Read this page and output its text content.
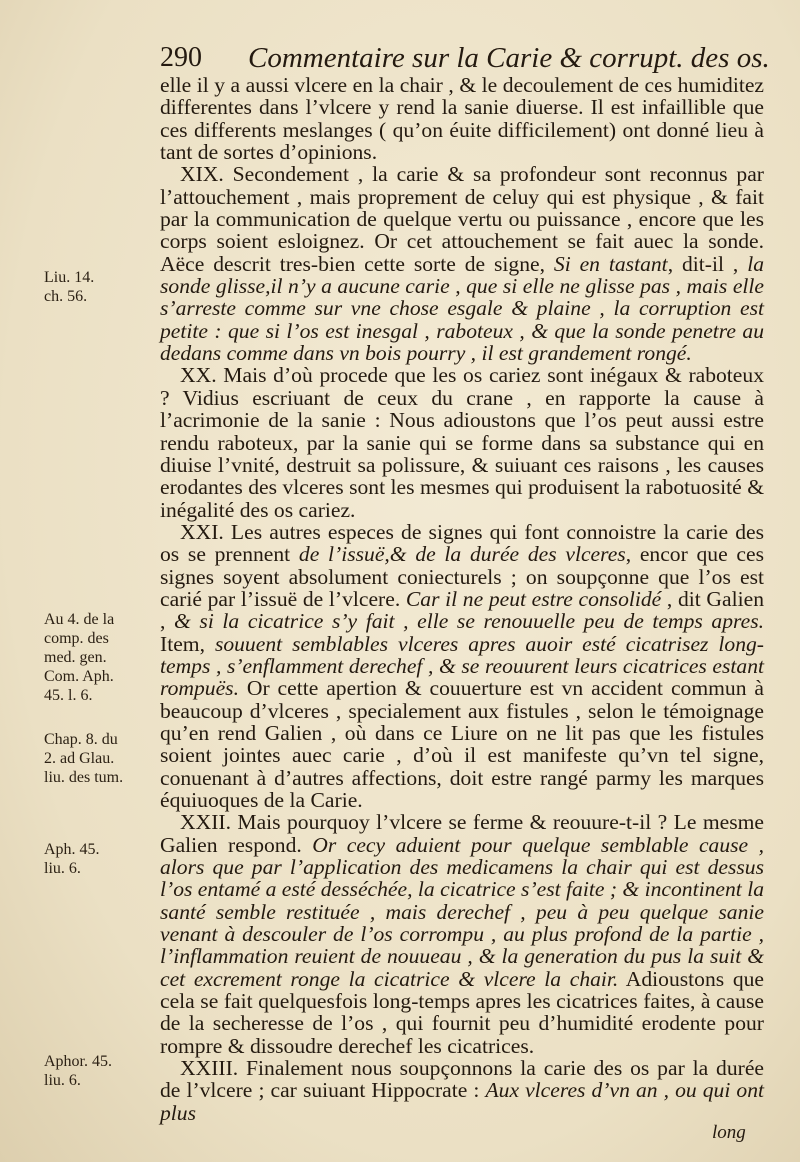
290 Commentaire sur la Carie & corrupt. des os.

elle il y a aussi vlcere en la chair , & le decoulement de ces humiditez differentes dans l’vlcere y rend la sanie diuerse. Il est infaillible que ces differents meslanges ( qu’on éuite difficilement) ont donné lieu à tant de sortes d’opinions.

XIX. Secondement , la carie & sa profondeur sont reconnus par l’attouchement , mais proprement de celuy qui est physique , & fait par la communication de quelque vertu ou puissance , encore que les corps soient esloignez. Or cet attouchement se fait auec la sonde. Aëce descrit tres-bien cette sorte de signe, Si en tastant, dit-il , la sonde glisse,il n’y a aucune carie , que si elle ne glisse pas , mais elle s’arreste comme sur vne chose esgale & plaine , la corruption est petite : que si l’os est inesgal , raboteux , & que la sonde penetre au dedans comme dans vn bois pourry , il est grandement rongé.

XX. Mais d’où procede que les os cariez sont inégaux & raboteux ? Vidius escriuant de ceux du crane , en rapporte la cause à l’acrimonie de la sanie : Nous adioustons que l’os peut aussi estre rendu raboteux, par la sanie qui se forme dans sa substance qui en diuise l’vnité, destruit sa polissure, & suiuant ces raisons , les causes erodantes des vlceres sont les mesmes qui produisent la rabotuosité & inégalité des os cariez.

XXI. Les autres especes de signes qui font connoistre la carie des os se prennent de l’issuë,& de la durée des vlceres, encor que ces signes soyent absolument coniecturels ; on soupçonne que l’os est carié par l’issuë de l’vlcere. Car il ne peut estre consolidé , dit Galien , & si la cicatrice s’y fait , elle se renouuelle peu de temps apres. Item, souuent semblables vlceres apres auoir esté cicatrisez long-temps , s’enflamment derechef , & se reouurent leurs cicatrices estant rompuës. Or cette apertion & couuerture est vn accident commun à beaucoup d’vlceres , specialement aux fistules , selon le témoignage qu’en rend Galien , où dans ce Liure on ne lit pas que les fistules soient jointes auec carie , d’où il est manifeste qu’vn tel signe, conuenant à d’autres affections, doit estre rangé parmy les marques équiuoques de la Carie.

XXII. Mais pourquoy l’vlcere se ferme & reouure-t-il ? Le mesme Galien respond. Or cecy aduient pour quelque semblable cause , alors que par l’application des medicamens la chair qui est dessus l’os entamé a esté desséchée, la cicatrice s’est faite ; & incontinent la santé semble restituée , mais derechef , peu à peu quelque sanie venant à descouler de l’os corrompu , au plus profond de la partie , l’inflammation reuient de nouueau , & la generation du pus la suit & cet excrement ronge la cicatrice & vlcere la chair. Adioustons que cela se fait quelquesfois long-temps apres les cicatrices faites, à cause de la secheresse de l’os , qui fournit peu d’humidité erodente pour rompre & dissoudre derechef les cicatrices.

XXIII. Finalement nous soupçonnons la carie des os par la durée de l’vlcere ; car suiuant Hippocrate : Aux vlceres d’vn an , ou qui ont plus

Liu. 14.
ch. 56.
Au 4. de la
comp. des
med. gen.
Com. Aph.
45. l. 6.
Chap. 8. du
2. ad Glau.
liu. des tum.
Aph. 45.
liu. 6.
Aphor. 45.
liu. 6.
long
